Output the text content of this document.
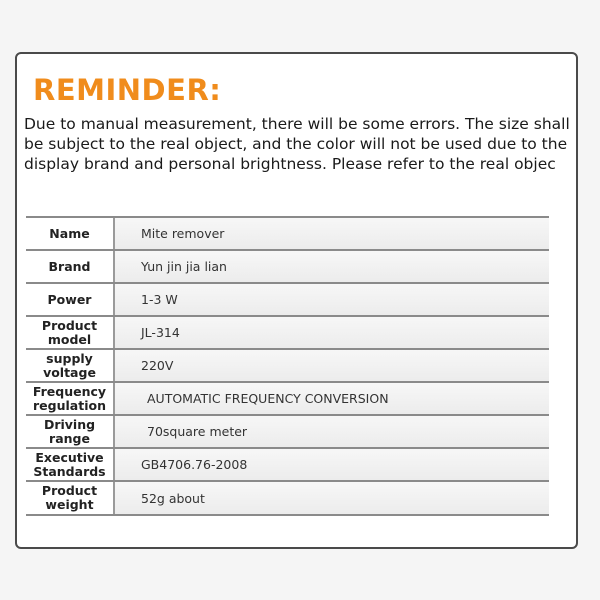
REMINDER:

Due to manual measurement, there will be some errors. The size shall be subject to the real object, and the color will not be used due to the display brand and personal brightness. Please refer to the real objec

Name	Mite remover
Brand	Yun jin jia lian
Power	1-3 W
Product model	JL-314
supply voltage	220V
Frequency regulation	AUTOMATIC FREQUENCY CONVERSION
Driving range	70square meter
Executive Standards	GB4706.76-2008
Product weight	52g about
